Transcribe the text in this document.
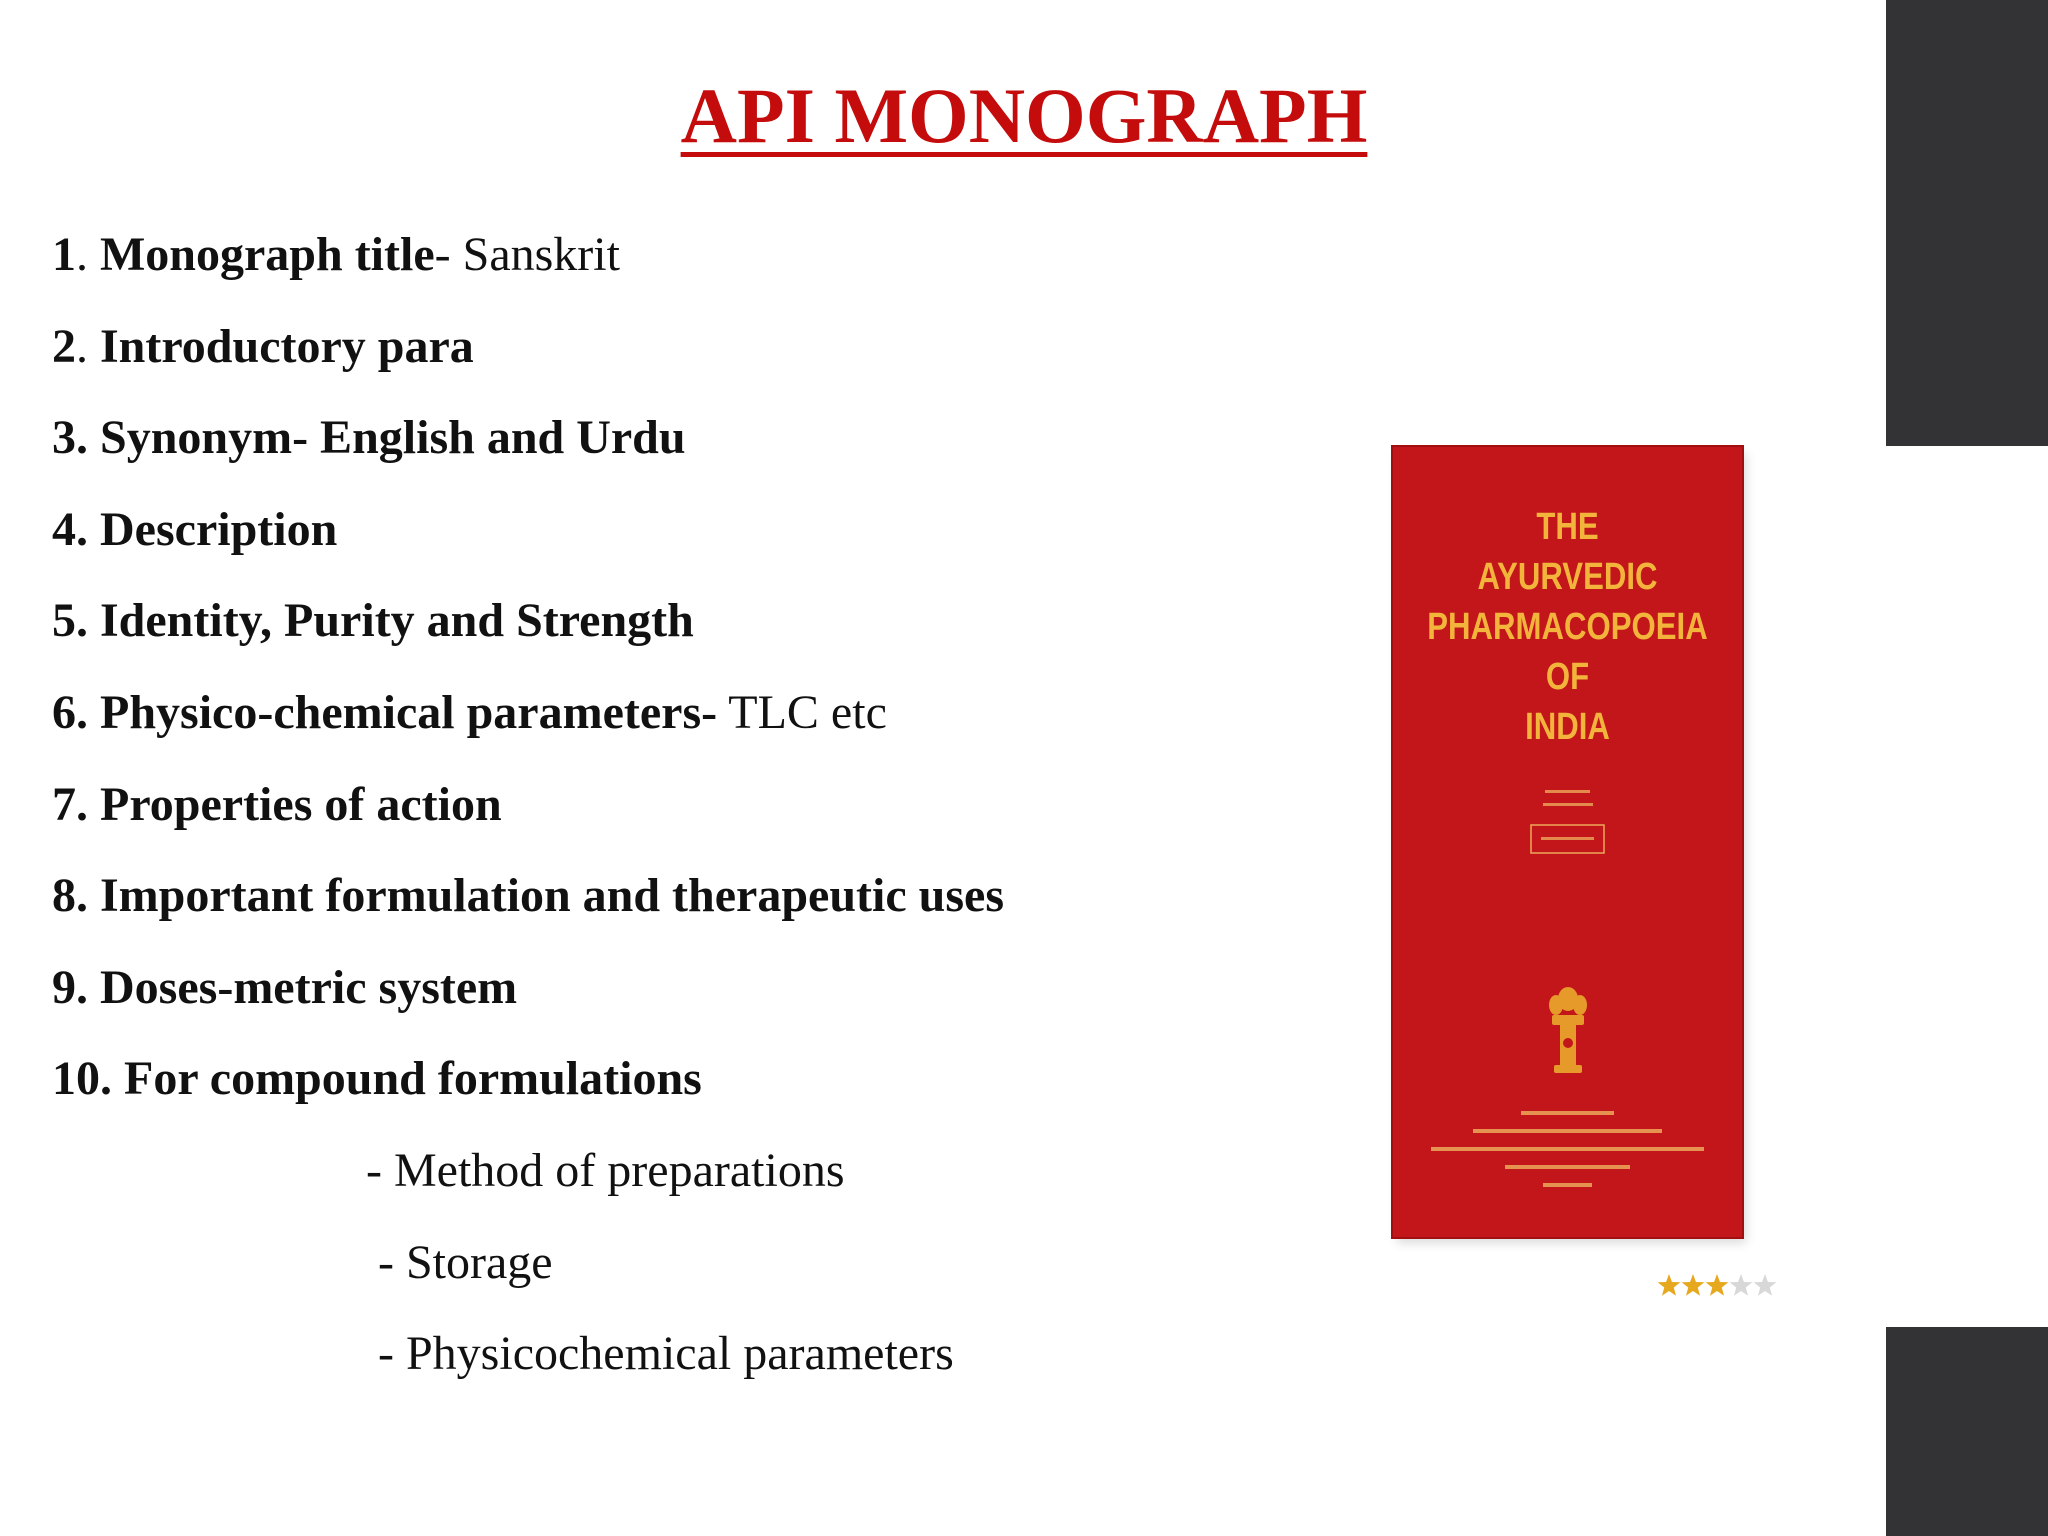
API MONOGRAPH
1. Monograph title- Sanskrit
2. Introductory para
3. Synonym- English and Urdu
4. Description
5. Identity, Purity and Strength
6. Physico-chemical parameters- TLC etc
7. Properties of action
8. Important formulation and therapeutic uses
9. Doses-metric system
10. For compound formulations
- Method of preparations
- Storage
- Physicochemical parameters
THE
AYURVEDIC
PHARMACOPOEIA
OF
INDIA
